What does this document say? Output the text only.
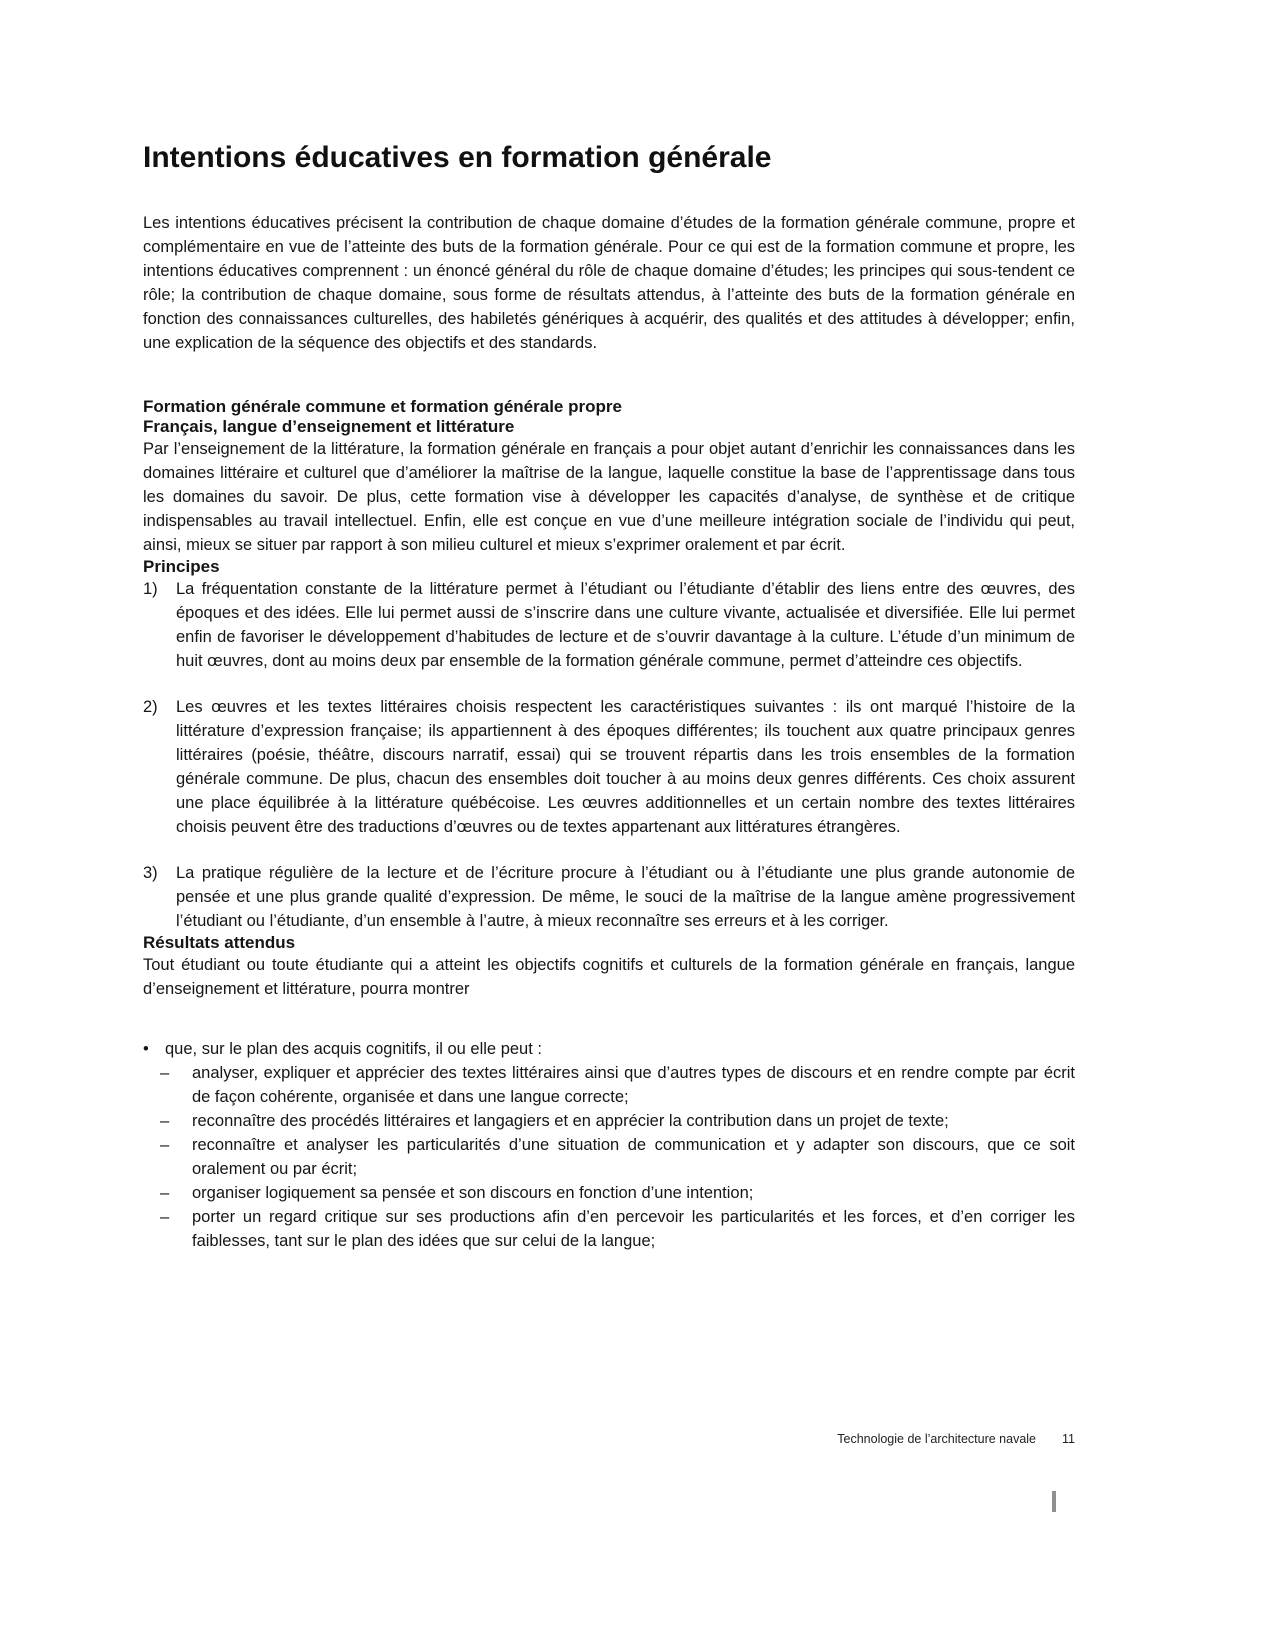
Intentions éducatives en formation générale

Les intentions éducatives précisent la contribution de chaque domaine d’études de la formation générale commune, propre et complémentaire en vue de l’atteinte des buts de la formation générale. Pour ce qui est de la formation commune et propre, les intentions éducatives comprennent : un énoncé général du rôle de chaque domaine d’études; les principes qui sous-tendent ce rôle; la contribution de chaque domaine, sous forme de résultats attendus, à l’atteinte des buts de la formation générale en fonction des connaissances culturelles, des habiletés génériques à acquérir, des qualités et des attitudes à développer; enfin, une explication de la séquence des objectifs et des standards.

Formation générale commune et formation générale propre
Français, langue d’enseignement et littérature

Par l’enseignement de la littérature, la formation générale en français a pour objet autant d’enrichir les connaissances dans les domaines littéraire et culturel que d’améliorer la maîtrise de la langue, laquelle constitue la base de l’apprentissage dans tous les domaines du savoir. De plus, cette formation vise à développer les capacités d’analyse, de synthèse et de critique indispensables au travail intellectuel. Enfin, elle est conçue en vue d’une meilleure intégration sociale de l’individu qui peut, ainsi, mieux se situer par rapport à son milieu culturel et mieux s’exprimer oralement et par écrit.

Principes
1)	La fréquentation constante de la littérature permet à l’étudiant ou l’étudiante d’établir des liens entre des œuvres, des époques et des idées. Elle lui permet aussi de s’inscrire dans une culture vivante, actualisée et diversifiée. Elle lui permet enfin de favoriser le développement d’habitudes de lecture et de s’ouvrir davantage à la culture. L’étude d’un minimum de huit œuvres, dont au moins deux par ensemble de la formation générale commune, permet d’atteindre ces objectifs.

2)	Les œuvres et les textes littéraires choisis respectent les caractéristiques suivantes : ils ont marqué l’histoire de la littérature d’expression française; ils appartiennent à des époques différentes; ils touchent aux quatre principaux genres littéraires (poésie, théâtre, discours narratif, essai) qui se trouvent répartis dans les trois ensembles de la formation générale commune. De plus, chacun des ensembles doit toucher à au moins deux genres différents. Ces choix assurent une place équilibrée à la littérature québécoise. Les œuvres additionnelles et un certain nombre des textes littéraires choisis peuvent être des traductions d’œuvres ou de textes appartenant aux littératures étrangères.

3)	La pratique régulière de la lecture et de l’écriture procure à l’étudiant ou à l’étudiante une plus grande autonomie de pensée et une plus grande qualité d’expression. De même, le souci de la maîtrise de la langue amène progressivement l’étudiant ou l’étudiante, d’un ensemble à l’autre, à mieux reconnaître ses erreurs et à les corriger.

Résultats attendus

Tout étudiant ou toute étudiante qui a atteint les objectifs cognitifs et culturels de la formation générale en français, langue d’enseignement et littérature, pourra montrer

• que, sur le plan des acquis cognitifs, il ou elle peut :

–	analyser, expliquer et apprécier des textes littéraires ainsi que d’autres types de discours et en rendre compte par écrit de façon cohérente, organisée et dans une langue correcte;

–	reconnaître des procédés littéraires et langagiers et en apprécier la contribution dans un projet de texte;

–	reconnaître et analyser les particularités d’une situation de communication et y adapter son discours, que ce soit oralement ou par écrit;

–	organiser logiquement sa pensée et son discours en fonction d’une intention;

–	porter un regard critique sur ses productions afin d’en percevoir les particularités et les forces, et d’en corriger les faiblesses, tant sur le plan des idées que sur celui de la langue;

Technologie de l’architecture navale 11
